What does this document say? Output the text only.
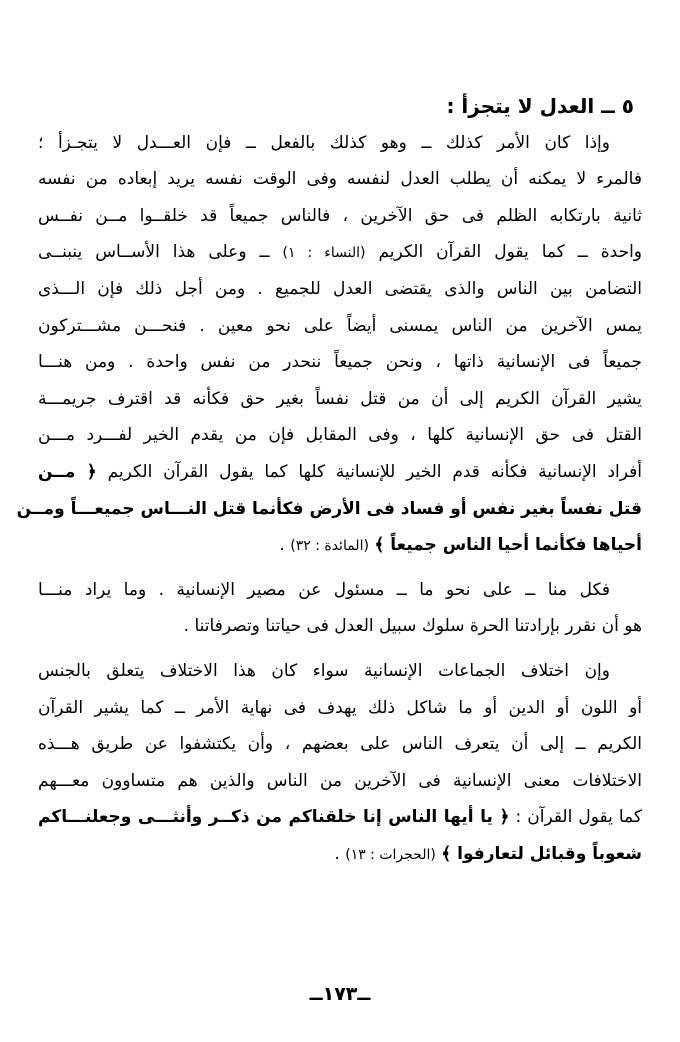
٥ ــ العدل لا يتجزأ :
وإذا كان الأمر كذلك ــ وهو كذلك بالفعل ــ فإن العـــدل لا يتجـزأ ؛
فالمرء لا يمكنه أن يطلب العدل لنفسه وفى الوقت نفسه يريد إبعاده من نفسه
ثانية بارتكابه الظلم فى حق الآخرين ، فالناس جميعاً قد خلقــوا مــن نفــس
واحدة ــ كما يقول القرآن الكريم (النساء : ١) ــ وعلى هذا الأســاس ينبنــى
التضامن بين الناس والذى يقتضى العدل للجميع . ومن أجل ذلك فإن الـــذى
يمس الآخرين من الناس يمسنى أيضاً على نحو معين . فنحـــن مشـــتركون
جميعاً فى الإنسانية ذاتها ، ونحن جميعاً ننحدر من نفس واحدة . ومن هنـــا
يشير القرآن الكريم إلى أن من قتل نفساً بغير حق فكأنه قد اقترف جريمـــة
القتل فى حق الإنسانية كلها ، وفى المقابل فإن من يقدم الخير لفـــرد مـــن
أفراد الإنسانية فكأنه قدم الخير للإنسانية كلها كما يقول القرآن الكريم ﴿ مــن
قتل نفساً بغير نفس أو فساد فى الأرض فكأنما قتل النـــاس جميعـــاً ومــن
أحياها فكأنما أحيا الناس جميعاً ﴾ (المائدة : ٣٢) .
فكل منا ــ على نحو ما ــ مسئول عن مصير الإنسانية . وما يراد منـــا
هو أن نقرر بإرادتنا الحرة سلوك سبيل العدل فى حياتنا وتصرفاتنا .
وإن اختلاف الجماعات الإنسانية سواء كان هذا الاختلاف يتعلق بالجنس
أو اللون أو الدين أو ما شاكل ذلك يهدف فى نهاية الأمر ــ كما يشير القرآن
الكريم ــ إلى أن يتعرف الناس على بعضهم ، وأن يكتشفوا عن طريق هـــذه
الاختلافات معنى الإنسانية فى الآخرين من الناس والذين هم متساوون معـــهم
كما يقول القرآن : ﴿ يا أيها الناس إنا خلقناكم من ذكــر وأنثـــى وجعلنـــاكم
شعوباً وقبائل لتعارفوا ﴾ (الحجرات : ١٣) .
ــ١٧٣ــ
